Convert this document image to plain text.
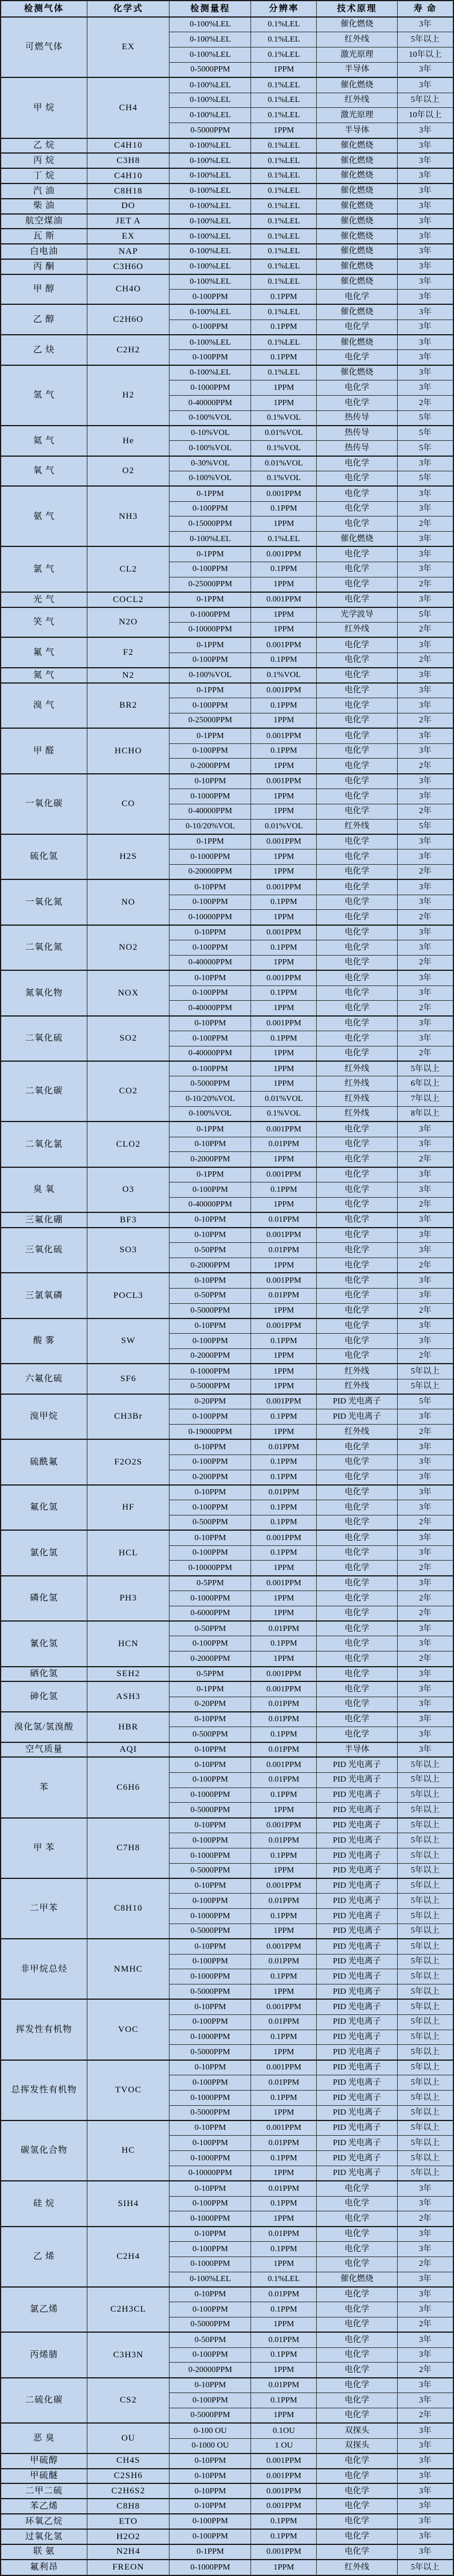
检测气体	化学式	检测量程	分辨率	技术原理	寿 命
可燃气体	EX	0-100%LEL	0.1%LEL	催化燃烧	3年
		0-100%LEL	0.1%LEL	红外线	5年以上
		0-100%LEL	0.1%LEL	激光原理	10年以上
		0-5000PPM	1PPM	半导体	3年
甲 烷	CH4	0-100%LEL	0.1%LEL	催化燃烧	3年
		0-100%LEL	0.1%LEL	红外线	5年以上
		0-100%LEL	0.1%LEL	激光原理	10年以上
		0-5000PPM	1PPM	半导体	3年
乙 烷	C4H10	0-100%LEL	0.1%LEL	催化燃烧	3年
丙 烷	C3H8	0-100%LEL	0.1%LEL	催化燃烧	3年
丁 烷	C4H10	0-100%LEL	0.1%LEL	催化燃烧	3年
汽 油	C8H18	0-100%LEL	0.1%LEL	催化燃烧	3年
柴 油	DO	0-100%LEL	0.1%LEL	催化燃烧	3年
航空煤油	JET A	0-100%LEL	0.1%LEL	催化燃烧	3年
瓦 斯	EX	0-100%LEL	0.1%LEL	催化燃烧	3年
白电油	NAP	0-100%LEL	0.1%LEL	催化燃烧	3年
丙 酮	C3H6O	0-100%LEL	0.1%LEL	催化燃烧	3年
甲 醇	CH4O	0-100%LEL	0.1%LEL	催化燃烧	3年
		0-100PPM	0.1PPM	电化学	3年
乙 醇	C2H6O	0-100%LEL	0.1%LEL	催化燃烧	3年
		0-100PPM	0.1PPM	电化学	3年
乙 炔	C2H2	0-100%LEL	0.1%LEL	催化燃烧	3年
		0-100PPM	0.1PPM	电化学	3年
氢 气	H2	0-100%LEL	0.1%LEL	催化燃烧	3年
		0-1000PPM	1PPM	电化学	3年
		0-40000PPM	1PPM	电化学	2年
		0-100%VOL	0.1%VOL	热传导	5年
氦 气	He	0-10%VOL	0.01%VOL	热传导	5年
		0-100%VOL	0.1%VOL	热传导	5年
氧 气	O2	0-30%VOL	0.01%VOL	电化学	3年
		0-100%VOL	0.1%VOL	电化学	5年
氨 气	NH3	0-1PPM	0.001PPM	电化学	3年
		0-100PPM	0.1PPM	电化学	3年
		0-15000PPM	1PPM	电化学	2年
		0-100%LEL	0.1%LEL	催化燃烧	3年
氯 气	CL2	0-1PPM	0.001PPM	电化学	3年
		0-100PPM	0.1PPM	电化学	3年
		0-25000PPM	1PPM	电化学	2年
光 气	COCL2	0-1PPM	0.001PPM	电化学	3年
笑 气	N2O	0-1000PPM	1PPM	光学波导	5年
		0-10000PPM	1PPM	红外线	2年
氟 气	F2	0-1PPM	0.001PPM	电化学	3年
		0-100PPM	0.1PPM	电化学	2年
氮 气	N2	0-100%VOL	0.1%VOL	电化学	3年
溴 气	BR2	0-1PPM	0.001PPM	电化学	3年
		0-100PPM	0.1PPM	电化学	3年
		0-25000PPM	1PPM	电化学	2年
甲 醛	HCHO	0-1PPM	0.001PPM	电化学	3年
		0-100PPM	0.1PPM	电化学	3年
		0-2000PPM	1PPM	电化学	2年
一氧化碳	CO	0-10PPM	0.001PPM	电化学	3年
		0-1000PPM	1PPM	电化学	3年
		0-40000PPM	1PPM	电化学	2年
		0-10/20%VOL	0.01%VOL	红外线	5年
硫化氢	H2S	0-1PPM	0.001PPM	电化学	3年
		0-1000PPM	1PPM	电化学	3年
		0-20000PPM	1PPM	电化学	2年
一氧化氮	NO	0-10PPM	0.001PPM	电化学	3年
		0-100PPM	0.1PPM	电化学	3年
		0-10000PPM	1PPM	电化学	2年
二氧化氮	NO2	0-10PPM	0.001PPM	电化学	3年
		0-100PPM	0.1PPM	电化学	3年
		0-40000PPM	1PPM	电化学	2年
氮氧化物	NOX	0-10PPM	0.001PPM	电化学	3年
		0-100PPM	0.1PPM	电化学	3年
		0-40000PPM	1PPM	电化学	2年
二氧化硫	SO2	0-10PPM	0.001PPM	电化学	3年
		0-100PPM	0.1PPM	电化学	3年
		0-40000PPM	1PPM	电化学	2年
二氧化碳	CO2	0-100PPM	1PPM	红外线	5年以上
		0-5000PPM	1PPM	红外线	6年以上
		0-10/20%VOL	0.01%VOL	红外线	7年以上
		0-100%VOL	0.1%VOL	红外线	8年以上
二氧化氯	CLO2	0-1PPM	0.001PPM	电化学	3年
		0-10PPM	0.01PPM	电化学	3年
		0-2000PPM	1PPM	电化学	2年
臭 氧	O3	0-1PPM	0.001PPM	电化学	3年
		0-100PPM	0.1PPM	电化学	3年
		0-40000PPM	1PPM	电化学	2年
三氟化硼	BF3	0-10PPM	0.01PPM	电化学	3年
三氧化硫	SO3	0-10PPM	0.001PPM	电化学	3年
		0-50PPM	0.01PPM	电化学	3年
		0-2000PPM	1PPM	电化学	2年
三氯氧磷	POCL3	0-10PPM	0.001PPM	电化学	3年
		0-50PPM	0.01PPM	电化学	3年
		0-5000PPM	1PPM	电化学	2年
酸 雾	SW	0-10PPM	0.001PPM	电化学	3年
		0-100PPM	0.1PPM	电化学	3年
		0-2000PPM	1PPM	电化学	2年
六氟化硫	SF6	0-1000PPM	1PPM	红外线	5年以上
		0-5000PPM	1PPM	红外线	5年以上
溴甲烷	CH3Br	0-20PPM	0.001PPM	PID 光电离子	5年
		0-100PPM	0.1PPM	PID 光电离子	3年
		0-19000PPM	1PPM	红外线	2年
硫酰氟	F2O2S	0-10PPM	0.01PPM	电化学	3年
		0-100PPM	0.1PPM	电化学	3年
		0-200PPM	0.1PPM	电化学	3年
氟化氢	HF	0-10PPM	0.01PPM	电化学	3年
		0-100PPM	0.1PPM	电化学	3年
		0-500PPM	0.1PPM	电化学	2年
氯化氢	HCL	0-10PPM	0.001PPM	电化学	3年
		0-100PPM	0.1PPM	电化学	3年
		0-10000PPM	1PPM	电化学	2年
磷化氢	PH3	0-5PPM	0.001PPM	电化学	3年
		0-1000PPM	1PPM	电化学	2年
		0-6000PPM	1PPM	电化学	2年
氰化氢	HCN	0-50PPM	0.01PPM	电化学	3年
		0-100PPM	0.1PPM	电化学	3年
		0-2000PPM	1PPM	电化学	2年
硒化氢	SEH2	0-5PPM	0.001PPM	电化学	3年
砷化氢	ASH3	0-1PPM	0.001PPM	电化学	3年
		0-20PPM	0.01PPM	电化学	3年
溴化氢/氢溴酸	HBR	0-10PPM	0.01PPM	电化学	3年
		0-500PPM	0.1PPM	电化学	3年
空气质量	AQI	0-10PPM	0.01PPM	半导体	3年
苯	C6H6	0-10PPM	0.001PPM	PID 光电离子	5年以上
		0-100PPM	0.01PPM	PID 光电离子	5年以上
		0-1000PPM	0.1PPM	PID 光电离子	5年以上
		0-5000PPM	1PPM	PID 光电离子	5年以上
甲 苯	C7H8	0-10PPM	0.001PPM	PID 光电离子	5年以上
		0-100PPM	0.01PPM	PID 光电离子	5年以上
		0-1000PPM	0.1PPM	PID 光电离子	5年以上
		0-5000PPM	1PPM	PID 光电离子	5年以上
二甲苯	C8H10	0-10PPM	0.001PPM	PID 光电离子	5年以上
		0-100PPM	0.01PPM	PID 光电离子	5年以上
		0-1000PPM	0.1PPM	PID 光电离子	5年以上
		0-5000PPM	1PPM	PID 光电离子	5年以上
非甲烷总烃	NMHC	0-10PPM	0.001PPM	PID 光电离子	5年以上
		0-100PPM	0.01PPM	PID 光电离子	5年以上
		0-1000PPM	0.1PPM	PID 光电离子	5年以上
		0-5000PPM	1PPM	PID 光电离子	5年以上
挥发性有机物	VOC	0-10PPM	0.001PPM	PID 光电离子	5年以上
		0-100PPM	0.01PPM	PID 光电离子	5年以上
		0-1000PPM	0.1PPM	PID 光电离子	5年以上
		0-5000PPM	1PPM	PID 光电离子	5年以上
总挥发性有机物	TVOC	0-10PPM	0.001PPM	PID 光电离子	5年以上
		0-100PPM	0.01PPM	PID 光电离子	5年以上
		0-1000PPM	0.1PPM	PID 光电离子	5年以上
		0-5000PPM	1PPM	PID 光电离子	5年以上
碳氢化合物	HC	0-10PPM	0.001PPM	PID 光电离子	5年以上
		0-100PPM	0.01PPM	PID 光电离子	5年以上
		0-1000PPM	0.1PPM	PID 光电离子	5年以上
		0-10000PPM	1PPM	PID 光电离子	5年以上
硅 烷	SIH4	0-10PPM	0.01PPM	电化学	3年
		0-100PPM	0.1PPM	电化学	3年
		0-1000PPM	1PPM	电化学	2年
乙 烯	C2H4	0-10PPM	0.01PPM	电化学	3年
		0-100PPM	0.1PPM	电化学	3年
		0-1000PPM	1PPM	电化学	2年
		0-100%LEL	0.1%LEL	催化燃烧	3年
氯乙烯	C2H3CL	0-10PPM	0.01PPM	电化学	3年
		0-100PPM	0.1PPM	电化学	3年
		0-5000PPM	1PPM	电化学	2年
丙烯腈	C3H3N	0-50PPM	0.01PPM	电化学	3年
		0-100PPM	0.1PPM	电化学	3年
		0-20000PPM	1PPM	电化学	2年
二硫化碳	CS2	0-10PPM	0.01PPM	电化学	3年
		0-100PPM	0.1PPM	电化学	3年
		0-5000PPM	1PPM	电化学	2年
恶 臭	OU	0-100 OU	0.1OU	双探头	3年
		0-1000 OU	1 OU	双探头	3年
甲硫醇	CH4S	0-10PPM	0.001PPM	电化学	3年
甲硫醚	C2SH6	0-10PPM	0.001PPM	电化学	3年
二甲二硫	C2H6S2	0-10PPM	0.001PPM	电化学	3年
苯乙烯	C8H8	0-10PPM	0.001PPM	电化学	3年
环氧乙烷	ETO	0-100PPM	0.1PPM	电化学	3年
过氧化氢	H2O2	0-100PPM	0.1PPM	电化学	3年
联 氨	N2H4	0-1PPM	0.001PPM	电化学	3年
氟利昂	FREON	0-1000PPM	1PPM	红外线	5年以上
